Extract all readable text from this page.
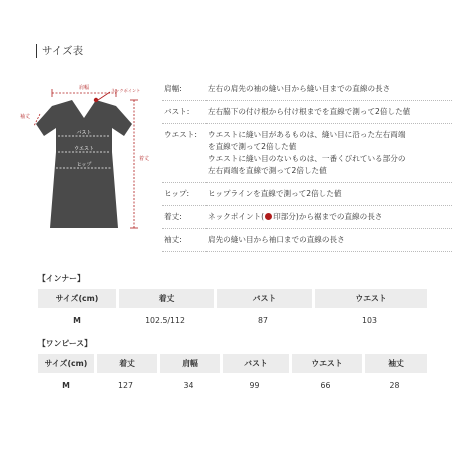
サイズ表
肩幅	ネックポイント
袖丈
バスト
ウエスト
ヒップ
着丈
肩幅:	左右の肩先の袖の縫い目から縫い目までの直線の長さ

バスト:	左右脇下の付け根から付け根までを直線で測って2倍した値

ウエスト:	ウエストに縫い目があるものは、縫い目に沿った左右両端
を直線で測って2倍した値
ウエストに縫い目のないものは、一番くびれている部分の
左右両端を直線で測って2倍した値

ヒップ:	ヒップラインを直線で測って2倍した値

着丈:	ネックポイント( 印部分)から裾までの直線の長さ
袖丈:	肩先の縫い目から袖口までの直線の長さ
【インナー】
サイズ(cm)	着丈	バスト	ウエスト
M	102.5/112	87	103
【ワンピース】
サイズ(cm)	着丈	肩幅	バスト	ウエスト	袖丈
M	127	34	99	66	28
